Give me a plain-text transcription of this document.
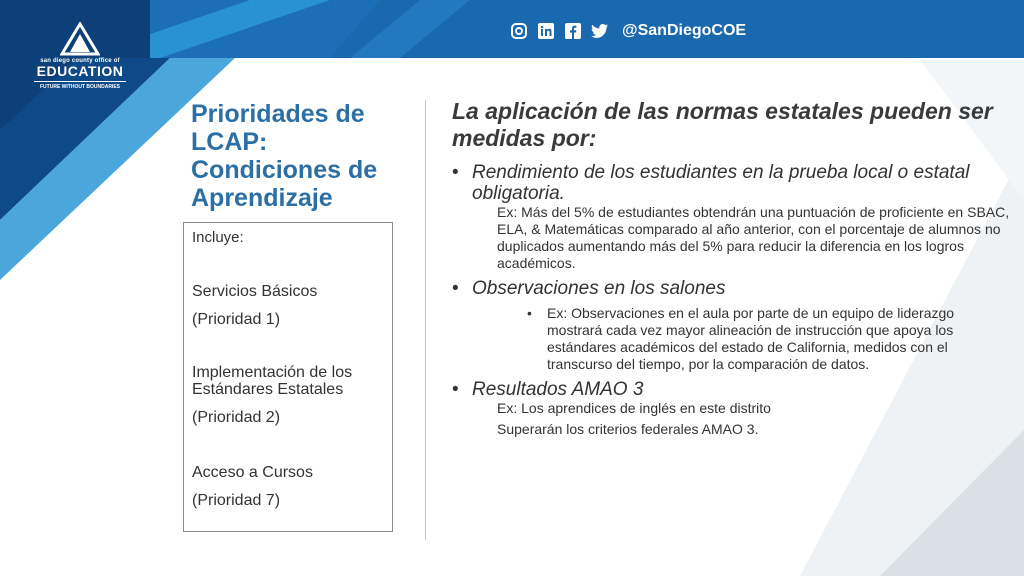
san diego county office of
EDUCATION
FUTURE WITHOUT BOUNDARIES
@SanDiegoCOE
Prioridades de
LCAP:
Condiciones de
Aprendizaje
Incluye:
Servicios Básicos
(Prioridad 1)
Implementación de los Estándares Estatales
(Prioridad 2)
Acceso a Cursos
(Prioridad 7)
La aplicación de las normas estatales pueden ser medidas por:
• Rendimiento de los estudiantes en la prueba local o estatal obligatoria.
Ex: Más del 5% de estudiantes obtendrán una puntuación de proficiente en SBAC, ELA, & Matemáticas comparado al año anterior, con el porcentaje de alumnos no duplicados aumentando más del 5% para reducir la diferencia en los logros académicos.
• Observaciones en los salones
• Ex: Observaciones en el aula por parte de un equipo de liderazgo mostrará cada vez mayor alineación de instrucción que apoya los estándares académicos del estado de California, medidos con el transcurso del tiempo, por la comparación de datos.
• Resultados AMAO 3
Ex: Los aprendices de inglés en este distrito
Superarán los criterios federales AMAO 3.
